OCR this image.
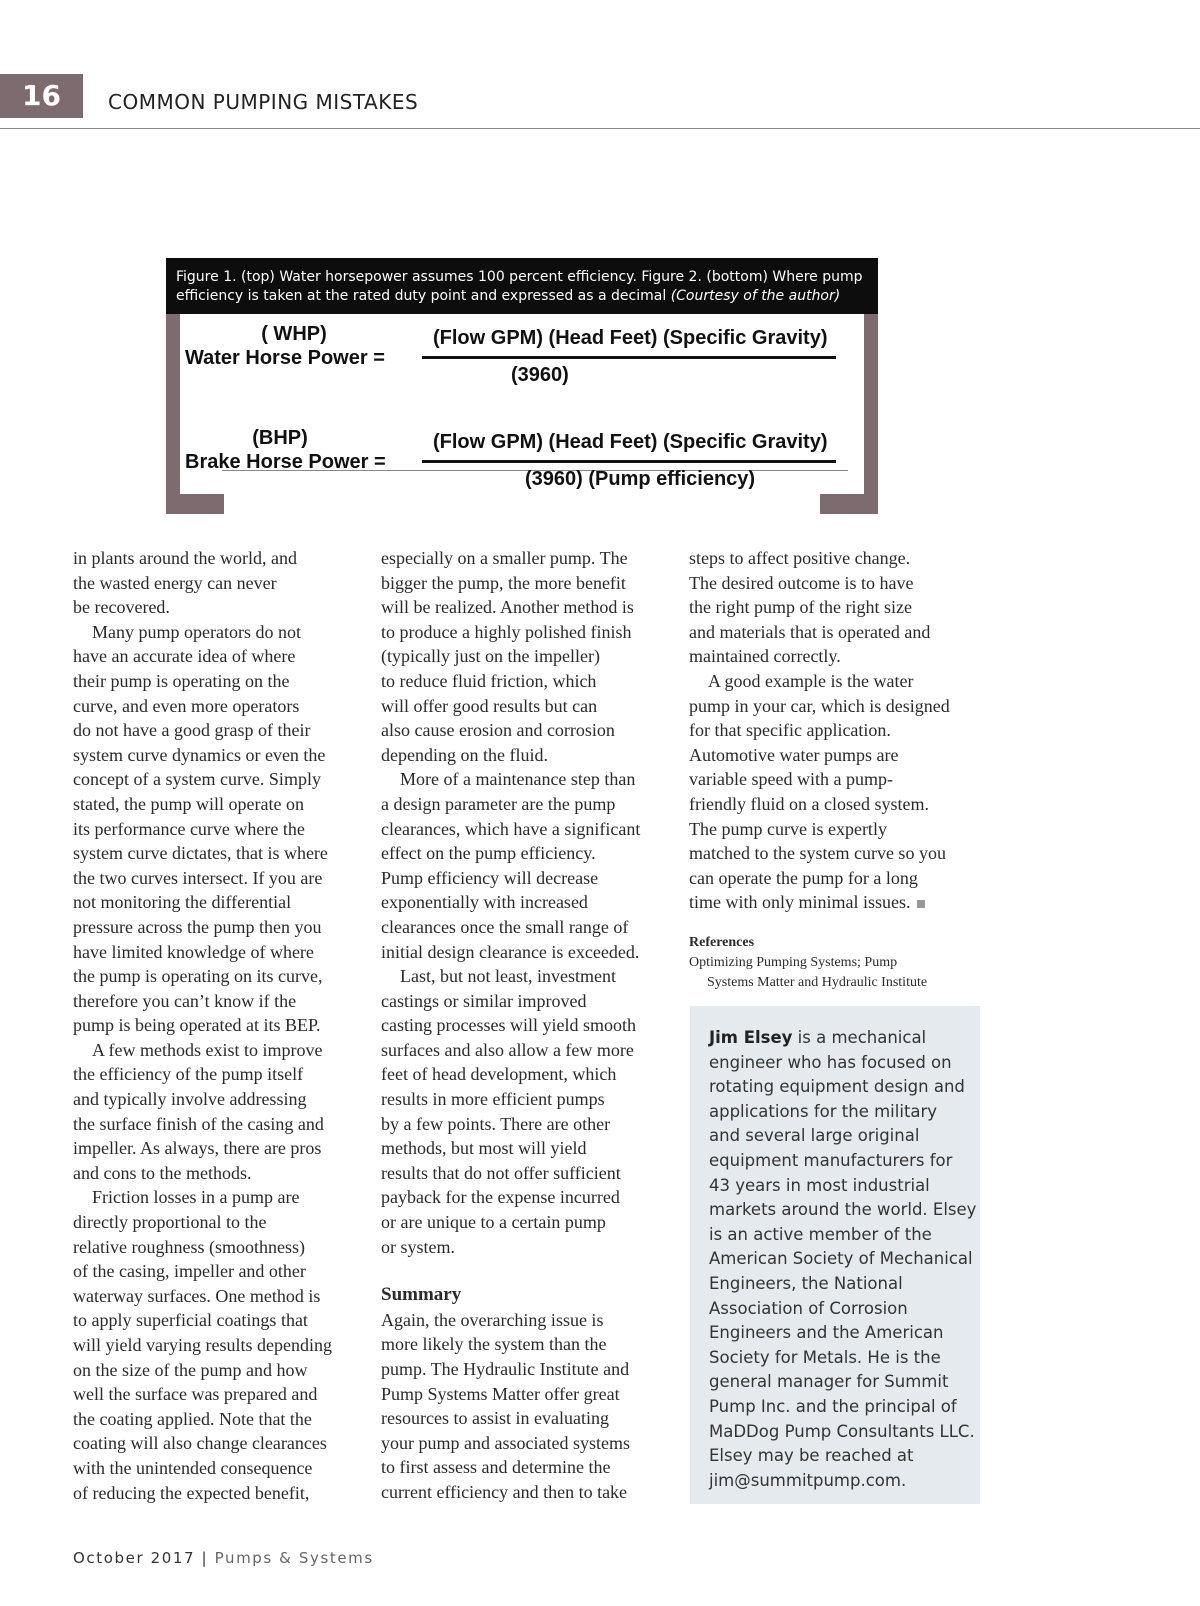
16	COMMON PUMPING MISTAKES
Figure 1. (top) Water horsepower assumes 100 percent efficiency. Figure 2. (bottom) Where pump efficiency is taken at the rated duty point and expressed as a decimal (Courtesy of the author)
( WHP)
Water Horse Power =
(Flow GPM) (Head Feet) (Specific Gravity)
(3960)
(BHP)
Brake Horse Power =
(Flow GPM) (Head Feet) (Specific Gravity)
(3960) (Pump efficiency)
in plants around the world, and
the wasted energy can never
be recovered.
Many pump operators do not
have an accurate idea of where
their pump is operating on the
curve, and even more operators
do not have a good grasp of their
system curve dynamics or even the
concept of a system curve. Simply
stated, the pump will operate on
its performance curve where the
system curve dictates, that is where
the two curves intersect. If you are
not monitoring the differential
pressure across the pump then you
have limited knowledge of where
the pump is operating on its curve,
therefore you can’t know if the
pump is being operated at its BEP.
A few methods exist to improve
the efficiency of the pump itself
and typically involve addressing
the surface finish of the casing and
impeller. As always, there are pros
and cons to the methods.
Friction losses in a pump are
directly proportional to the
relative roughness (smoothness)
of the casing, impeller and other
waterway surfaces. One method is
to apply superficial coatings that
will yield varying results depending
on the size of the pump and how
well the surface was prepared and
the coating applied. Note that the
coating will also change clearances
with the unintended consequence
of reducing the expected benefit,
especially on a smaller pump. The
bigger the pump, the more benefit
will be realized. Another method is
to produce a highly polished finish
(typically just on the impeller)
to reduce fluid friction, which
will offer good results but can
also cause erosion and corrosion
depending on the fluid.
More of a maintenance step than
a design parameter are the pump
clearances, which have a significant
effect on the pump efficiency.
Pump efficiency will decrease
exponentially with increased
clearances once the small range of
initial design clearance is exceeded.
Last, but not least, investment
castings or similar improved
casting processes will yield smooth
surfaces and also allow a few more
feet of head development, which
results in more efficient pumps
by a few points. There are other
methods, but most will yield
results that do not offer sufficient
payback for the expense incurred
or are unique to a certain pump
or system.
Summary
Again, the overarching issue is
more likely the system than the
pump. The Hydraulic Institute and
Pump Systems Matter offer great
resources to assist in evaluating
your pump and associated systems
to first assess and determine the
current efficiency and then to take
steps to affect positive change.
The desired outcome is to have
the right pump of the right size
and materials that is operated and
maintained correctly.
A good example is the water
pump in your car, which is designed
for that specific application.
Automotive water pumps are
variable speed with a pump-
friendly fluid on a closed system.
The pump curve is expertly
matched to the system curve so you
can operate the pump for a long
time with only minimal issues.
References
Optimizing Pumping Systems; Pump
Systems Matter and Hydraulic Institute
Jim Elsey is a mechanical
engineer who has focused on
rotating equipment design and
applications for the military
and several large original
equipment manufacturers for
43 years in most industrial
markets around the world. Elsey
is an active member of the
American Society of Mechanical
Engineers, the National
Association of Corrosion
Engineers and the American
Society for Metals. He is the
general manager for Summit
Pump Inc. and the principal of
MaDDog Pump Consultants LLC.
Elsey may be reached at
jim@summitpump.com.
October 2017 | Pumps & Systems
